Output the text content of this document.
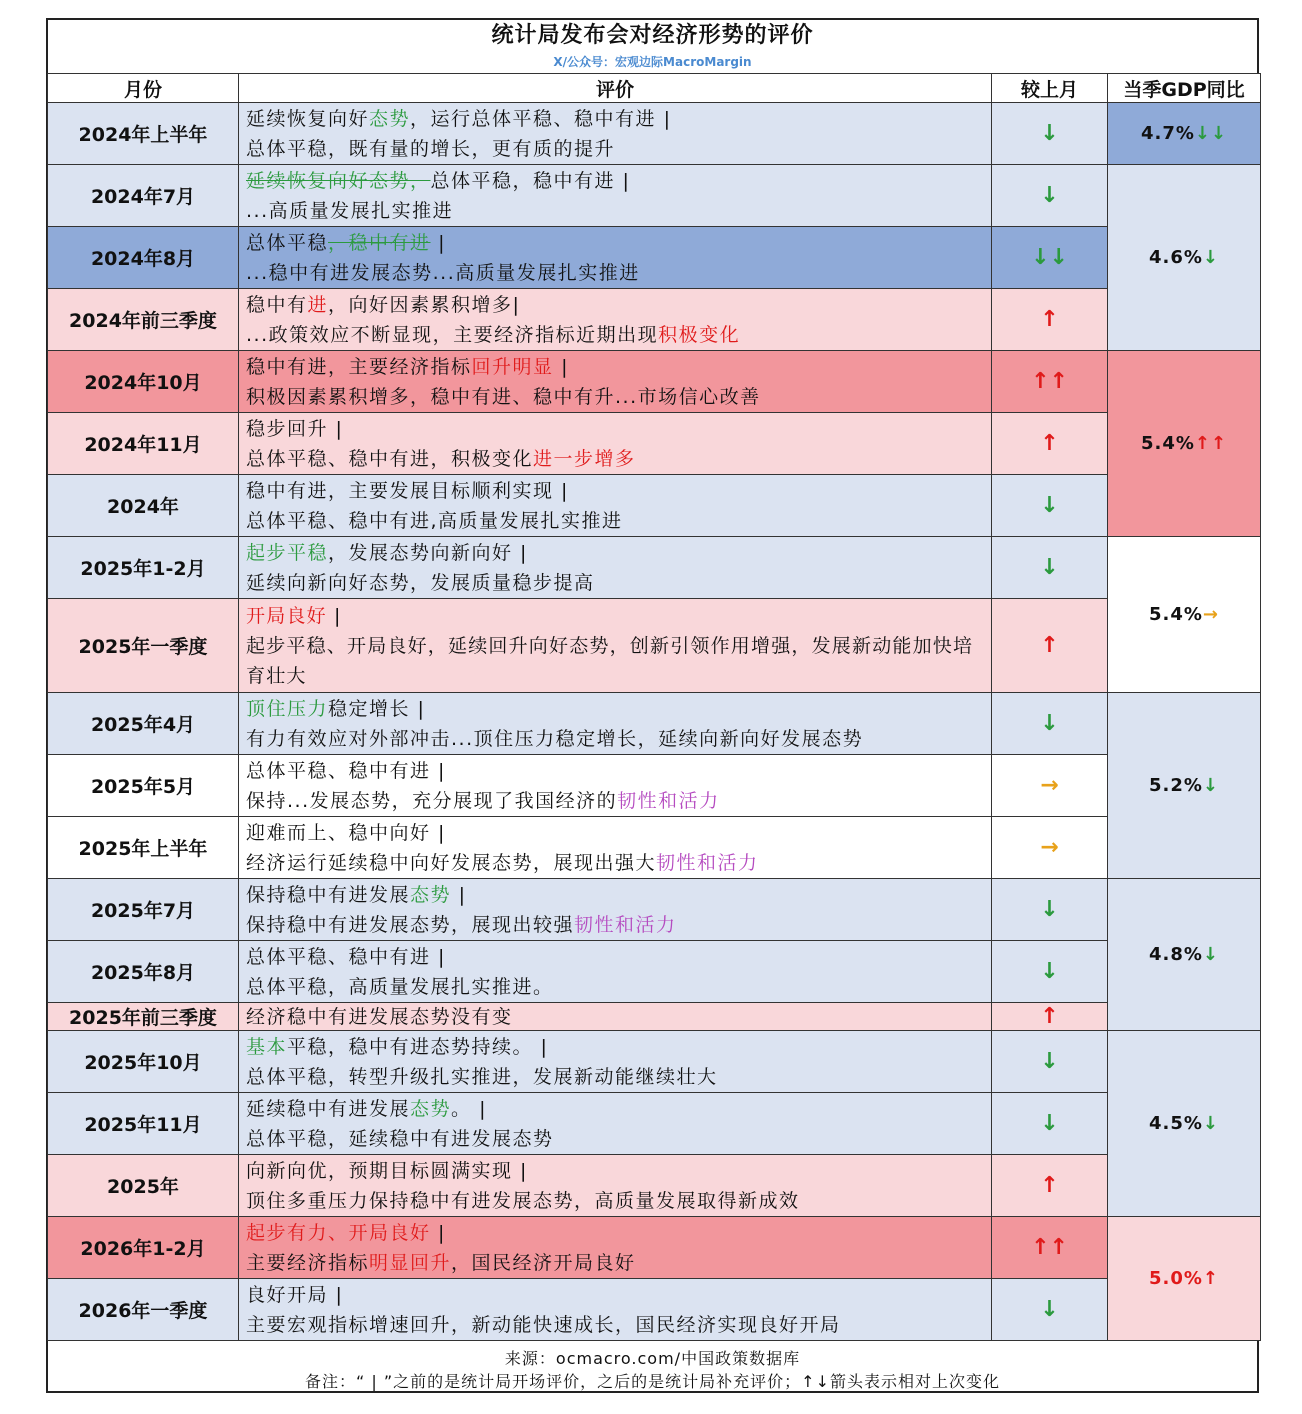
统计局发布会对经济形势的评价
X/公众号：宏观边际MacroMargin
月份	评价	较上月	当季GDP同比
2024年上半年	延续恢复向好态势，运行总体平稳、稳中有进 |
总体平稳，既有量的增长，更有质的提升	↓	4.7%↓↓
2024年7月	延续恢复向好态势，总体平稳，稳中有进 |
...高质量发展扎实推进	↓	4.6%↓
2024年8月	总体平稳，稳中有进 |
...稳中有进发展态势...高质量发展扎实推进	↓↓	
2024年前三季度	稳中有进，向好因素累积增多|
...政策效应不断显现，主要经济指标近期出现积极变化	↑	
2024年10月	稳中有进，主要经济指标回升明显 |
积极因素累积增多，稳中有进、稳中有升...市场信心改善	↑↑	5.4%↑↑
2024年11月	稳步回升 |
总体平稳、稳中有进，积极变化进一步增多	↑	
2024年	稳中有进，主要发展目标顺利实现 |
总体平稳、稳中有进,高质量发展扎实推进	↓	
2025年1-2月	起步平稳，发展态势向新向好 |
延续向新向好态势，发展质量稳步提高	↓	5.4%→
2025年一季度	开局良好 |
起步平稳、开局良好，延续回升向好态势，创新引领作用增强，发展新动能加快培育壮大	↑	
2025年4月	顶住压力稳定增长 |
有力有效应对外部冲击...顶住压力稳定增长，延续向新向好发展态势	↓	5.2%↓
2025年5月	总体平稳、稳中有进 |
保持...发展态势，充分展现了我国经济的韧性和活力	→	
2025年上半年	迎难而上、稳中向好 |
经济运行延续稳中向好发展态势，展现出强大韧性和活力	→	
2025年7月	保持稳中有进发展态势 |
保持稳中有进发展态势，展现出较强韧性和活力	↓	4.8%↓
2025年8月	总体平稳、稳中有进 |
总体平稳，高质量发展扎实推进。	↓	
2025年前三季度	经济稳中有进发展态势没有变	↑	
2025年10月	基本平稳，稳中有进态势持续。 |
总体平稳，转型升级扎实推进，发展新动能继续壮大	↓	4.5%↓
2025年11月	延续稳中有进发展态势。 |
总体平稳，延续稳中有进发展态势	↓	
2025年	向新向优，预期目标圆满实现 |
顶住多重压力保持稳中有进发展态势，高质量发展取得新成效	↑	
2026年1-2月	起步有力、开局良好 |
主要经济指标明显回升，国民经济开局良好	↑↑	5.0%↑
2026年一季度	良好开局 |
主要宏观指标增速回升，新动能快速成长，国民经济实现良好开局	↓	
来源：ocmacro.com/中国政策数据库
备注：“ | ”之前的是统计局开场评价，之后的是统计局补充评价；↑↓箭头表示相对上次变化
